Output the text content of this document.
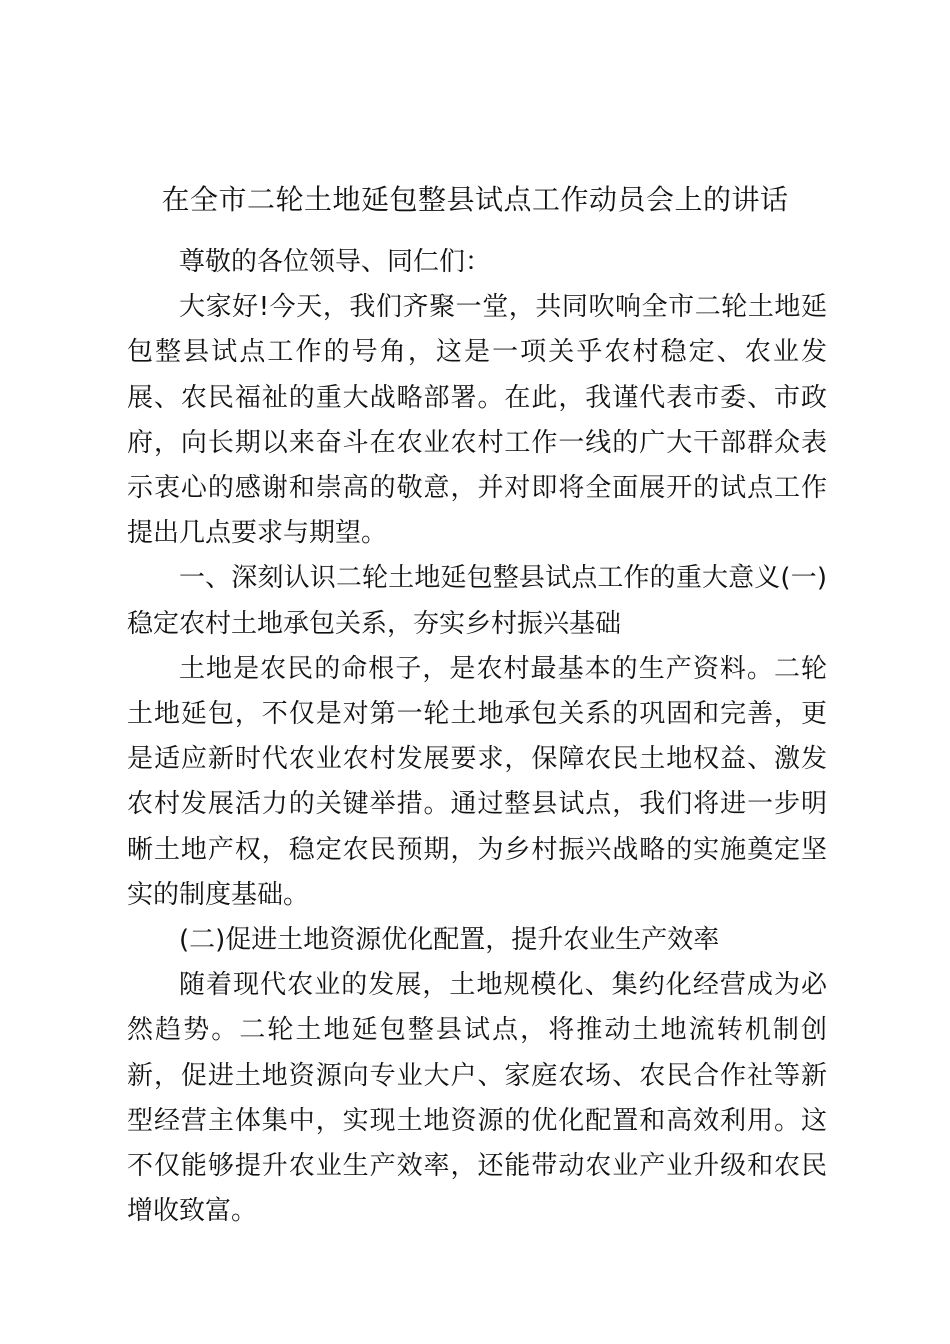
在全市二轮土地延包整县试点工作动员会上的讲话

尊敬的各位领导、同仁们：

大家好!今天，我们齐聚一堂，共同吹响全市二轮土地延包整县试点工作的号角，这是一项关乎农村稳定、农业发展、农民福祉的重大战略部署。在此，我谨代表市委、市政府，向长期以来奋斗在农业农村工作一线的广大干部群众表示衷心的感谢和崇高的敬意，并对即将全面展开的试点工作提出几点要求与期望。

一、深刻认识二轮土地延包整县试点工作的重大意义(一)稳定农村土地承包关系，夯实乡村振兴基础

土地是农民的命根子，是农村最基本的生产资料。二轮土地延包，不仅是对第一轮土地承包关系的巩固和完善，更是适应新时代农业农村发展要求，保障农民土地权益、激发农村发展活力的关键举措。通过整县试点，我们将进一步明晰土地产权，稳定农民预期，为乡村振兴战略的实施奠定坚实的制度基础。

(二)促进土地资源优化配置，提升农业生产效率

随着现代农业的发展，土地规模化、集约化经营成为必然趋势。二轮土地延包整县试点，将推动土地流转机制创新，促进土地资源向专业大户、家庭农场、农民合作社等新型经营主体集中，实现土地资源的优化配置和高效利用。这不仅能够提升农业生产效率，还能带动农业产业升级和农民增收致富。
